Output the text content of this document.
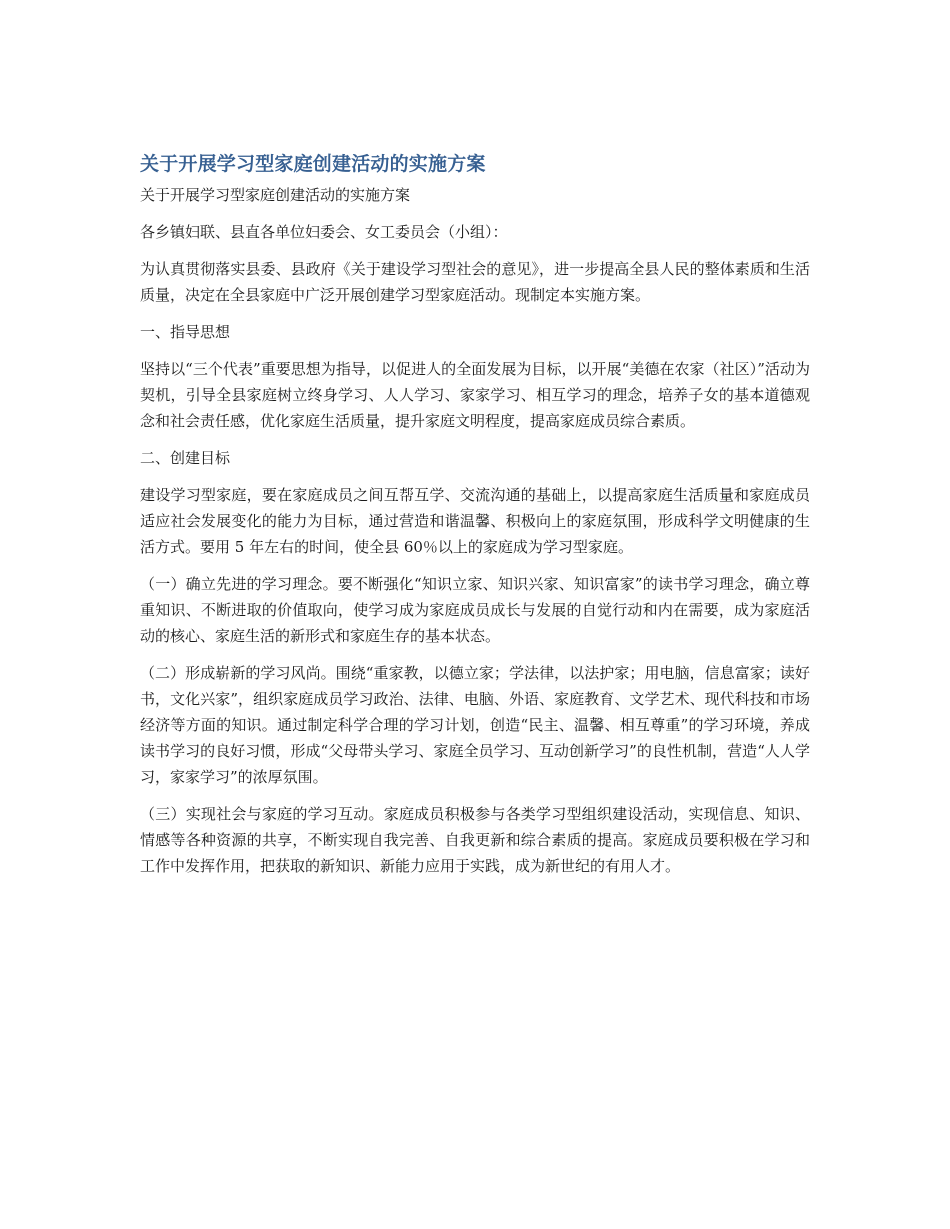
关于开展学习型家庭创建活动的实施方案

关于开展学习型家庭创建活动的实施方案

各乡镇妇联、县直各单位妇委会、女工委员会（小组）：

为认真贯彻落实县委、县政府《关于建设学习型社会的意见》，进一步提高全县人民的整体素质和生活质量，决定在全县家庭中广泛开展创建学习型家庭活动。现制定本实施方案。

一、指导思想

坚持以“三个代表”重要思想为指导，以促进人的全面发展为目标，以开展“美德在农家（社区）”活动为契机，引导全县家庭树立终身学习、人人学习、家家学习、相互学习的理念，培养子女的基本道德观念和社会责任感，优化家庭生活质量，提升家庭文明程度，提高家庭成员综合素质。

二、创建目标

建设学习型家庭，要在家庭成员之间互帮互学、交流沟通的基础上，以提高家庭生活质量和家庭成员适应社会发展变化的能力为目标，通过营造和谐温馨、积极向上的家庭氛围，形成科学文明健康的生活方式。要用 5 年左右的时间，使全县 60％以上的家庭成为学习型家庭。

（一）确立先进的学习理念。要不断强化“知识立家、知识兴家、知识富家”的读书学习理念，确立尊重知识、不断进取的价值取向，使学习成为家庭成员成长与发展的自觉行动和内在需要，成为家庭活动的核心、家庭生活的新形式和家庭生存的基本状态。

（二）形成崭新的学习风尚。围绕“重家教，以德立家；学法律，以法护家；用电脑，信息富家；读好书，文化兴家”，组织家庭成员学习政治、法律、电脑、外语、家庭教育、文学艺术、现代科技和市场经济等方面的知识。通过制定科学合理的学习计划，创造“民主、温馨、相互尊重”的学习环境，养成读书学习的良好习惯，形成“父母带头学习、家庭全员学习、互动创新学习”的良性机制，营造“人人学习，家家学习”的浓厚氛围。

（三）实现社会与家庭的学习互动。家庭成员积极参与各类学习型组织建设活动，实现信息、知识、情感等各种资源的共享，不断实现自我完善、自我更新和综合素质的提高。家庭成员要积极在学习和工作中发挥作用，把获取的新知识、新能力应用于实践，成为新世纪的有用人才。
